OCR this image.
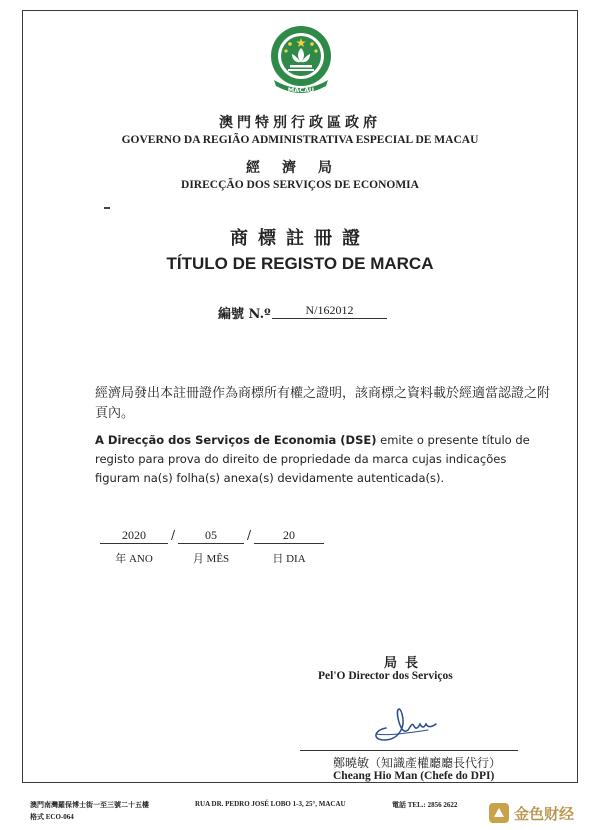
MACAU
澳門特別行政區政府
GOVERNO DA REGIÃO ADMINISTRATIVA ESPECIAL DE MACAU
經濟局
DIRECÇÃO DOS SERVIÇOS DE ECONOMIA
商標註冊證
TÍTULO DE REGISTO DE MARCA
編號 N.º	N/162012
經濟局發出本註冊證作為商標所有權之證明，該商標之資料載於經適當認證之附頁內。
A Direcção dos Serviços de Economia (DSE) emite o presente título de registo para prova do direito de propriedade da marca cujas indicações figuram na(s) folha(s) anexa(s) devidamente autenticada(s).
2020	/	05	/	20
年 ANO	月 MÊS	日 DIA
局長
Pel'O Director dos Serviços
鄭曉敏（知識產權廳廳長代行）
Cheang Hio Man (Chefe do DPI)
澳門南灣羅保博士街一至三號二十五樓
格式 ECO-064
RUA DR. PEDRO JOSÉ LOBO 1-3, 25°, MACAU	電話 TEL.: 2856 2622	金色财经
